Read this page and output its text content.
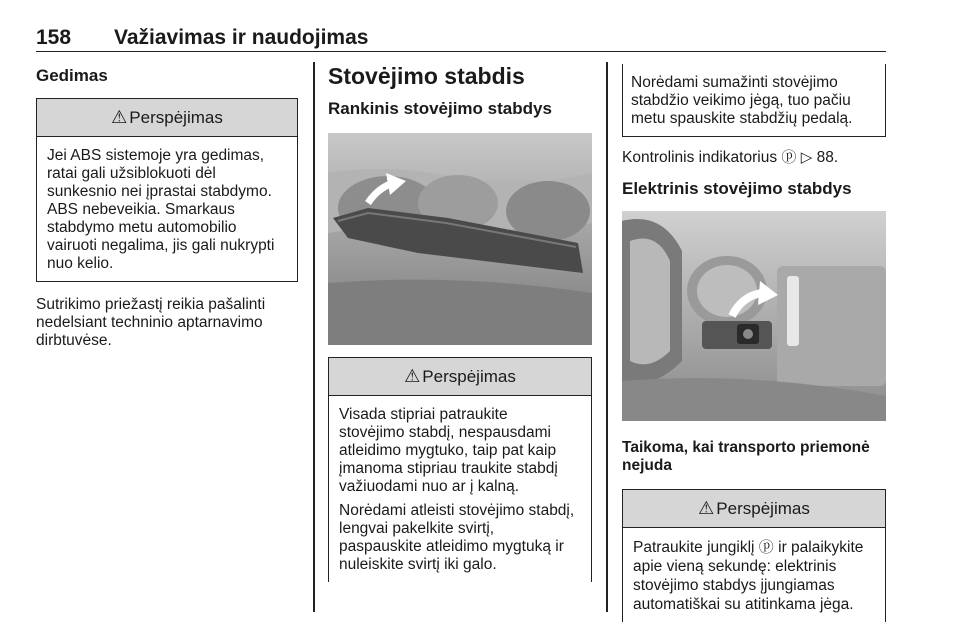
158 Važiavimas ir naudojimas
Gedimas
⚠ Perspėjimas
Jei ABS sistemoje yra gedimas,
ratai gali užsiblokuoti dėl
sunkesnio nei įprastai stabdymo.
ABS nebeveikia. Smarkaus
stabdymo metu automobilio
vairuoti negalima, jis gali nukrypti
nuo kelio.
Sutrikimo priežastį reikia pašalinti
nedelsiant techninio aptarnavimo
dirbtuvėse.
Stovėjimo stabdis
Rankinis stovėjimo stabdys
⚠ Perspėjimas
Visada stipriai patraukite
stovėjimo stabdį, nespausdami
atleidimo mygtuko, taip pat kaip
įmanoma stipriau traukite stabdį
važiuodami nuo ar į kalną.
Norėdami atleisti stovėjimo stabdį,
lengvai pakelkite svirtį,
paspauskite atleidimo mygtuką ir
nuleiskite svirtį iki galo.
Norėdami sumažinti stovėjimo
stabdžio veikimo jėgą, tuo pačiu
metu spauskite stabdžių pedalą.
Kontrolinis indikatorius ⓟ ▷ 88.
Elektrinis stovėjimo stabdys
Taikoma, kai transporto priemonė
nejuda
⚠ Perspėjimas
Patraukite jungiklį ⓟ ir palaikykite
apie vieną sekundę: elektrinis
stovėjimo stabdys įjungiamas
automatiškai su atitinkama jėga.
